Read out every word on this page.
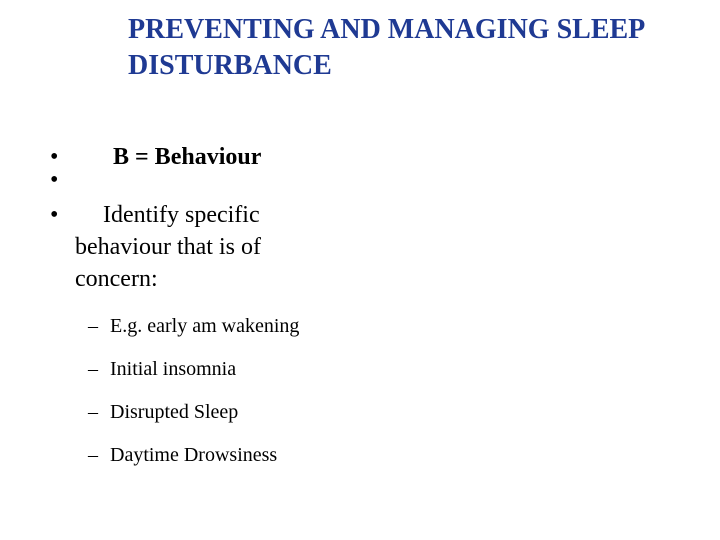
PREVENTING AND MANAGING SLEEP
DISTURBANCE
•
•
•
B = Behaviour
Identify specific
behaviour that is of
concern:
– E.g. early am wakening
– Initial insomnia
– Disrupted Sleep
– Daytime Drowsiness
